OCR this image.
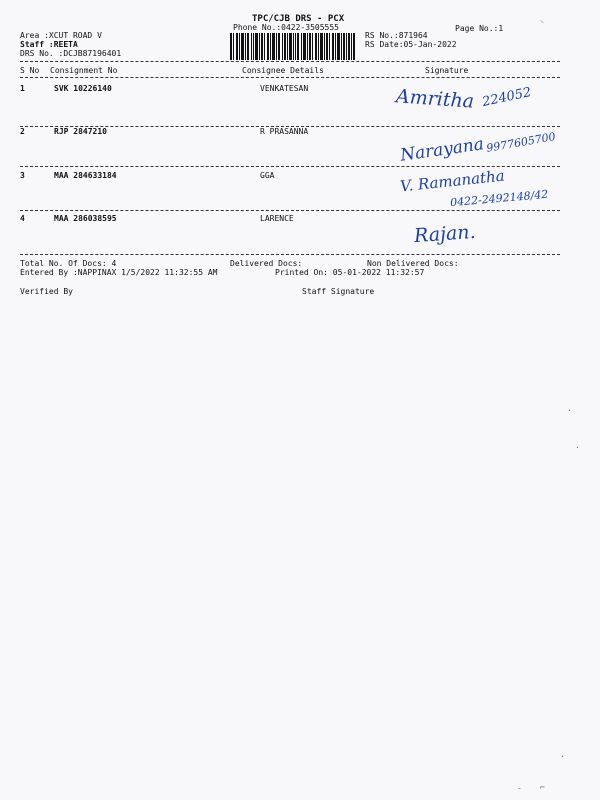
TPC/CJB DRS - PCX
Phone No.:0422-3505555	Page No.:1
Area :XCUT ROAD V
Staff :REETA
DRS No. :DCJB87196401
RS No.:871964
RS Date:05-Jan-2022
S No Consignment No	Consignee Details	Signature
1	SVK 10226140	VENKATESAN	Amritha 224052
2	RJP 2847210	R PRASANNA
Narayana 9977605700
3	MAA 284633184	GGA	V. Ramanatha
0422-2492148/42
4	MAA 286038595	LARENCE
Rajan.
Total No. Of Docs: 4	Delivered Docs:	Non Delivered Docs:
Entered By :NAPPINAX 1/5/2022 11:32:55 AM	Printed On: 05-01-2022 11:32:57
Verified By	Staff Signature
⸌
·
·
·
⌐
ˉ
